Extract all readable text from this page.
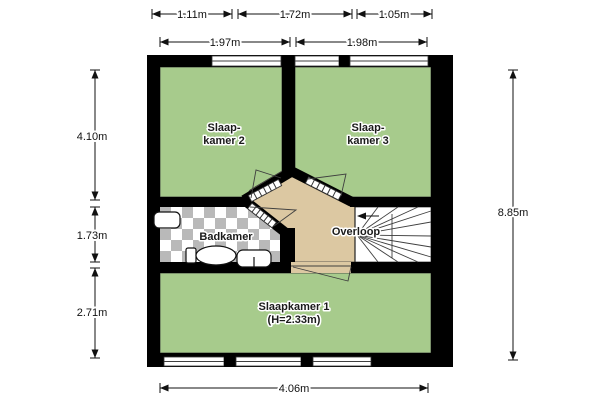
Slaap-
kamer 2
Slaap-
kamer 3
Badkamer	Overloop
Slaapkamer 1
(H=2.33m)
1.11m	1.72m	1.05m
1.97m	1.98m
4.10m
1.73m
2.71m
8.85m
4.06m
